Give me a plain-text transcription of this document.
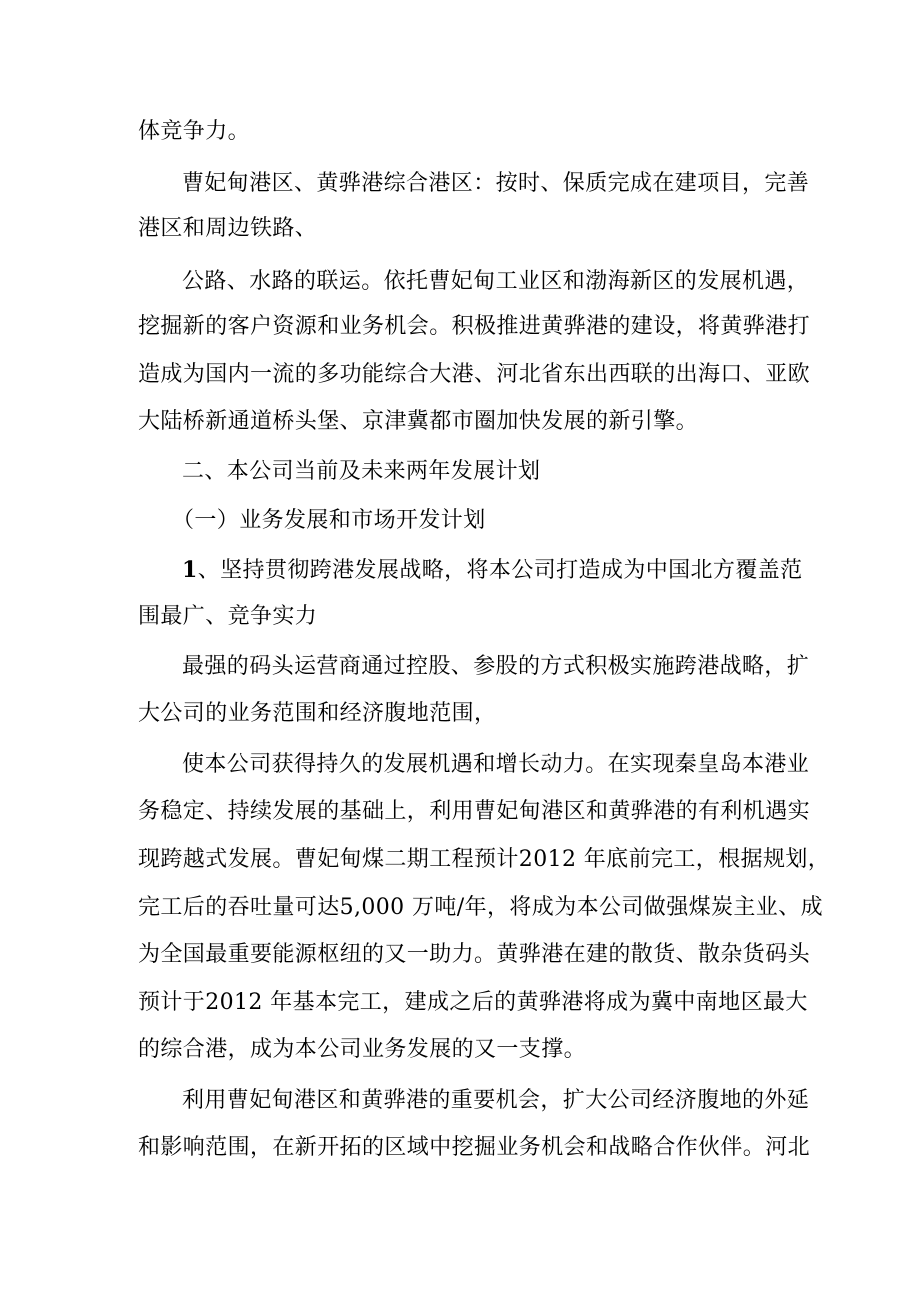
体竞争力。
曹妃甸港区、黄骅港综合港区：按时、保质完成在建项目，完善
港区和周边铁路、
公路、水路的联运。依托曹妃甸工业区和渤海新区的发展机遇，
挖掘新的客户资源和业务机会。积极推进黄骅港的建设，将黄骅港打
造成为国内一流的多功能综合大港、河北省东出西联的出海口、亚欧
大陆桥新通道桥头堡、京津冀都市圈加快发展的新引擎。
二、本公司当前及未来两年发展计划
（一）业务发展和市场开发计划
1、坚持贯彻跨港发展战略，将本公司打造成为中国北方覆盖范
围最广、竞争实力
最强的码头运营商通过控股、参股的方式积极实施跨港战略，扩
大公司的业务范围和经济腹地范围，
使本公司获得持久的发展机遇和增长动力。在实现秦皇岛本港业
务稳定、持续发展的基础上，利用曹妃甸港区和黄骅港的有利机遇实
现跨越式发展。曹妃甸煤二期工程预计2012 年底前完工，根据规划，
完工后的吞吐量可达5,000 万吨/年，将成为本公司做强煤炭主业、成
为全国最重要能源枢纽的又一助力。黄骅港在建的散货、散杂货码头
预计于2012 年基本完工，建成之后的黄骅港将成为冀中南地区最大
的综合港，成为本公司业务发展的又一支撑。
利用曹妃甸港区和黄骅港的重要机会，扩大公司经济腹地的外延
和影响范围，在新开拓的区域中挖掘业务机会和战略合作伙伴。河北
